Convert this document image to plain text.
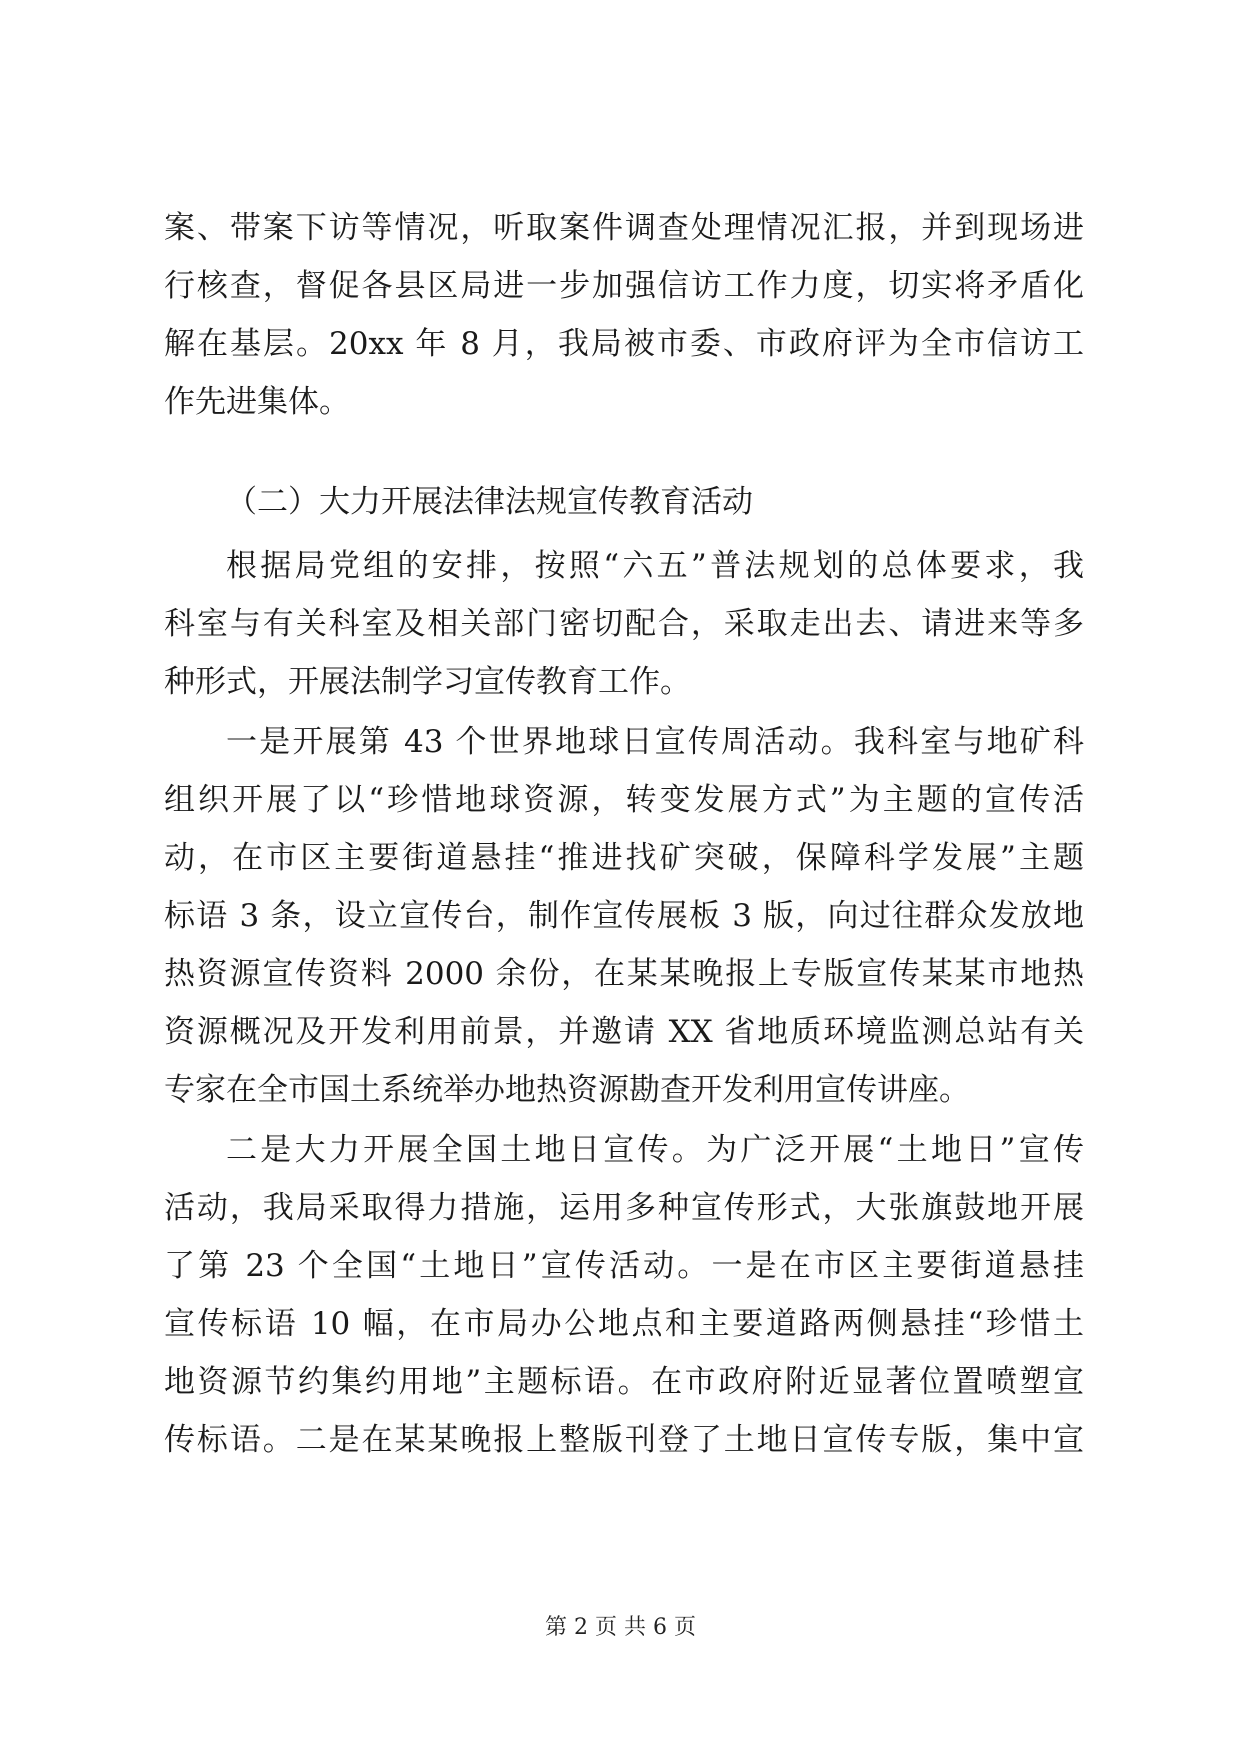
案、带案下访等情况，听取案件调查处理情况汇报，并到现场进
行核查，督促各县区局进一步加强信访工作力度，切实将矛盾化
解在基层。20xx 年 8 月，我局被市委、市政府评为全市信访工
作先进集体。
（二）大力开展法律法规宣传教育活动
根据局党组的安排，按照“六五”普法规划的总体要求，我
科室与有关科室及相关部门密切配合，采取走出去、请进来等多
种形式，开展法制学习宣传教育工作。
一是开展第 43 个世界地球日宣传周活动。我科室与地矿科
组织开展了以“珍惜地球资源，转变发展方式”为主题的宣传活
动，在市区主要街道悬挂“推进找矿突破，保障科学发展”主题
标语 3 条，设立宣传台，制作宣传展板 3 版，向过往群众发放地
热资源宣传资料 2000 余份，在某某晚报上专版宣传某某市地热
资源概况及开发利用前景，并邀请 XX 省地质环境监测总站有关
专家在全市国土系统举办地热资源勘查开发利用宣传讲座。
二是大力开展全国土地日宣传。为广泛开展“土地日”宣传
活动，我局采取得力措施，运用多种宣传形式，大张旗鼓地开展
了第 23 个全国“土地日”宣传活动。一是在市区主要街道悬挂
宣传标语 10 幅，在市局办公地点和主要道路两侧悬挂“珍惜土
地资源节约集约用地”主题标语。在市政府附近显著位置喷塑宣
传标语。二是在某某晚报上整版刊登了土地日宣传专版，集中宣
第 2 页 共 6 页
